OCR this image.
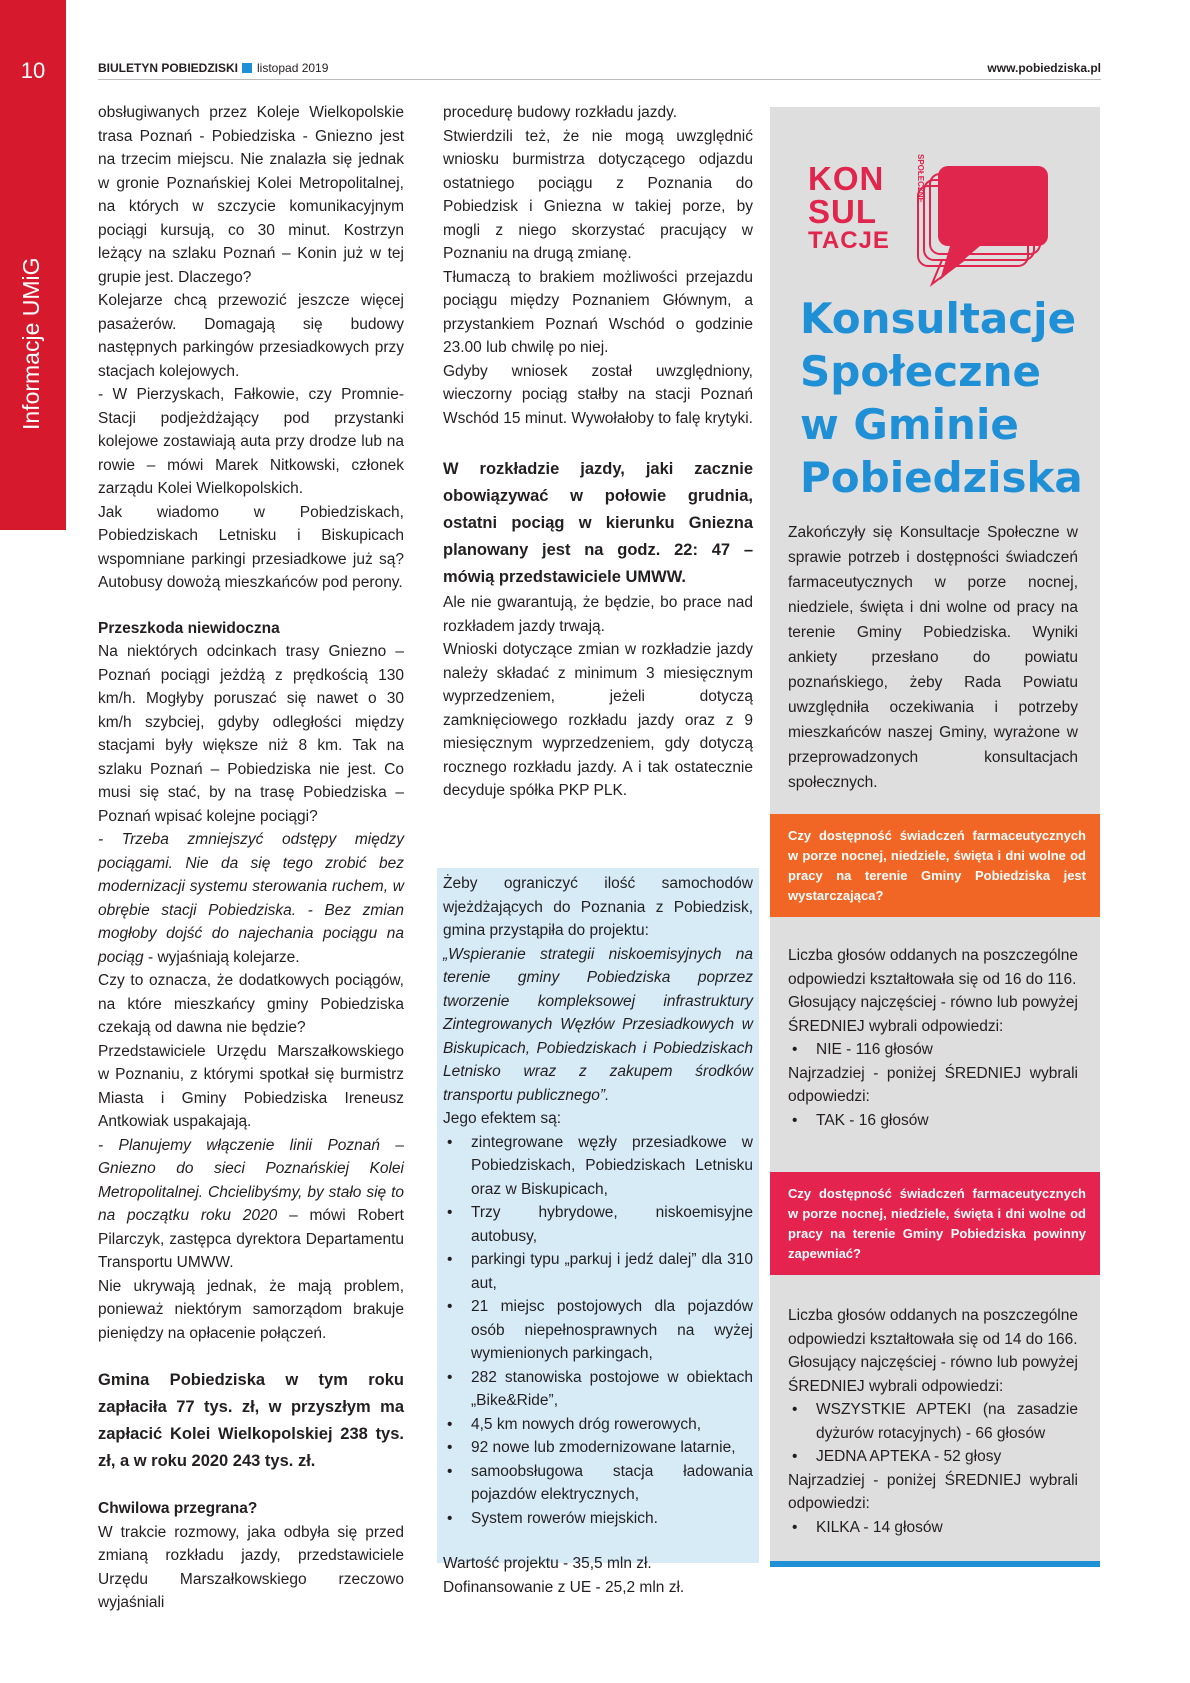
10
Informacje UMiG
BIULETYN POBIEDZISKI listopad 2019	www.pobiedziska.pl

obsługiwanych przez Koleje Wielkopolskie trasa Poznań - Pobiedziska - Gniezno jest na trzecim miejscu. Nie znalazła się jednak w gronie Poznańskiej Kolei Metropolitalnej, na których w szczycie komunikacyjnym pociągi kursują, co 30 minut. Kostrzyn leżący na szlaku Poznań – Konin już w tej grupie jest. Dlaczego?

Kolejarze chcą przewozić jeszcze więcej pasażerów. Domagają się budowy następnych parkingów przesiadkowych przy stacjach kolejowych.

- W Pierzyskach, Fałkowie, czy Promnie-Stacji podjeżdżający pod przystanki kolejowe zostawiają auta przy drodze lub na rowie – mówi Marek Nitkowski, członek zarządu Kolei Wielkopolskich.

Jak wiadomo w Pobiedziskach, Pobiedziskach Letnisku i Biskupicach wspomniane parkingi przesiadkowe już są? Autobusy dowożą mieszkańców pod perony.

Przeszkoda niewidoczna

Na niektórych odcinkach trasy Gniezno – Poznań pociągi jeżdżą z prędkością 130 km/h. Mogłyby poruszać się nawet o 30 km/h szybciej, gdyby odległości między stacjami były większe niż 8 km. Tak na szlaku Poznań – Pobiedziska nie jest. Co musi się stać, by na trasę Pobiedziska – Poznań wpisać kolejne pociągi?

- Trzeba zmniejszyć odstępy między pociągami. Nie da się tego zrobić bez modernizacji systemu sterowania ruchem, w obrębie stacji Pobiedziska. - Bez zmian mogłoby dojść do najechania pociągu na pociąg - wyjaśniają kolejarze.

Czy to oznacza, że dodatkowych pociągów, na które mieszkańcy gminy Pobiedziska czekają od dawna nie będzie?

Przedstawiciele Urzędu Marszałkowskiego w Poznaniu, z którymi spotkał się burmistrz Miasta i Gminy Pobiedziska Ireneusz Antkowiak uspakajają.

- Planujemy włączenie linii Poznań – Gniezno do sieci Poznańskiej Kolei Metropolitalnej. Chcielibyśmy, by stało się to na początku roku 2020 – mówi Robert Pilarczyk, zastępca dyrektora Departamentu Transportu UMWW.

Nie ukrywają jednak, że mają problem, ponieważ niektórym samorządom brakuje pieniędzy na opłacenie połączeń.

Gmina Pobiedziska w tym roku zapłaciła 77 tys. zł, w przyszłym ma zapłacić Kolei Wielkopolskiej 238 tys. zł, a w roku 2020 243 tys. zł.

Chwilowa przegrana?

W trakcie rozmowy, jaka odbyła się przed zmianą rozkładu jazdy, przedstawiciele Urzędu Marszałkowskiego rzeczowo wyjaśniali

procedurę budowy rozkładu jazdy.

Stwierdzili też, że nie mogą uwzględnić wniosku burmistrza dotyczącego odjazdu ostatniego pociągu z Poznania do Pobiedzisk i Gniezna w takiej porze, by mogli z niego skorzystać pracujący w Poznaniu na drugą zmianę.

Tłumaczą to brakiem możliwości przejazdu pociągu między Poznaniem Głównym, a przystankiem Poznań Wschód o godzinie 23.00 lub chwilę po niej.

Gdyby wniosek został uwzględniony, wieczorny pociąg stałby na stacji Poznań Wschód 15 minut. Wywołałoby to falę krytyki.

W rozkładzie jazdy, jaki zacznie obowiązywać w połowie grudnia, ostatni pociąg w kierunku Gniezna planowany jest na godz. 22: 47 – mówią przedstawiciele UMWW.

Ale nie gwarantują, że będzie, bo prace nad rozkładem jazdy trwają.

Wnioski dotyczące zmian w rozkładzie jazdy należy składać z minimum 3 miesięcznym wyprzedzeniem, jeżeli dotyczą zamknięciowego rozkładu jazdy oraz z 9 miesięcznym wyprzedzeniem, gdy dotyczą rocznego rozkładu jazdy. A i tak ostatecznie decyduje spółka PKP PLK.

Żeby ograniczyć ilość samochodów wjeżdżających do Poznania z Pobiedzisk, gmina przystąpiła do projektu:

„Wspieranie strategii niskoemisyjnych na terenie gminy Pobiedziska poprzez tworzenie kompleksowej infrastruktury Zintegrowanych Węzłów Przesiadkowych w Biskupicach, Pobiedziskach i Pobiedziskach Letnisko wraz z zakupem środków transportu publicznego”.

Jego efektem są:

• zintegrowane węzły przesiadkowe w Pobiedziskach, Pobiedziskach Letnisku oraz w Biskupicach,
• Trzy hybrydowe, niskoemisyjne autobusy,
• parkingi typu „parkuj i jedź dalej” dla 310 aut,
• 21 miejsc postojowych dla pojazdów osób niepełnosprawnych na wyżej wymienionych parkingach,
• 282 stanowiska postojowe w obiektach „Bike&Ride”,
• 4,5 km nowych dróg rowerowych,
• 92 nowe lub zmodernizowane latarnie,
• samoobsługowa stacja ładowania pojazdów elektrycznych,
• System rowerów miejskich.

Wartość projektu - 35,5 mln zł.

Dofinansowanie z UE - 25,2 mln zł.

KON
SUL
TACJE
SPOŁECZNE
Konsultacje
Społeczne
w Gminie
Pobiedziska
Zakończyły się Konsultacje Społeczne w sprawie potrzeb i dostępności świadczeń farmaceutycznych w porze nocnej, niedziele, święta i dni wolne od pracy na terenie Gminy Pobiedziska. Wyniki ankiety przesłano do powiatu poznańskiego, żeby Rada Powiatu uwzględniła oczekiwania i potrzeby mieszkańców naszej Gminy, wyrażone w przeprowadzonych konsultacjach społecznych.
Czy dostępność świadczeń farmaceutycznych w porze nocnej, niedziele, święta i dni wolne od pracy na terenie Gminy Pobiedziska jest wystarczająca?

Liczba głosów oddanych na poszczególne odpowiedzi kształtowała się od 16 do 116.

Głosujący najczęściej - równo lub powyżej ŚREDNIEJ wybrali odpowiedzi:

• NIE - 116 głosów

Najrzadziej - poniżej ŚREDNIEJ wybrali odpowiedzi:

• TAK - 16 głosów
Czy dostępność świadczeń farmaceutycznych w porze nocnej, niedziele, święta i dni wolne od pracy na terenie Gminy Pobiedziska powinny zapewniać?

Liczba głosów oddanych na poszczególne odpowiedzi kształtowała się od 14 do 166.

Głosujący najczęściej - równo lub powyżej ŚREDNIEJ wybrali odpowiedzi:

• WSZYSTKIE APTEKI (na zasadzie dyżurów rotacyjnych) - 66 głosów
• JEDNA APTEKA - 52 głosy

Najrzadziej - poniżej ŚREDNIEJ wybrali odpowiedzi:

• KILKA - 14 głosów
